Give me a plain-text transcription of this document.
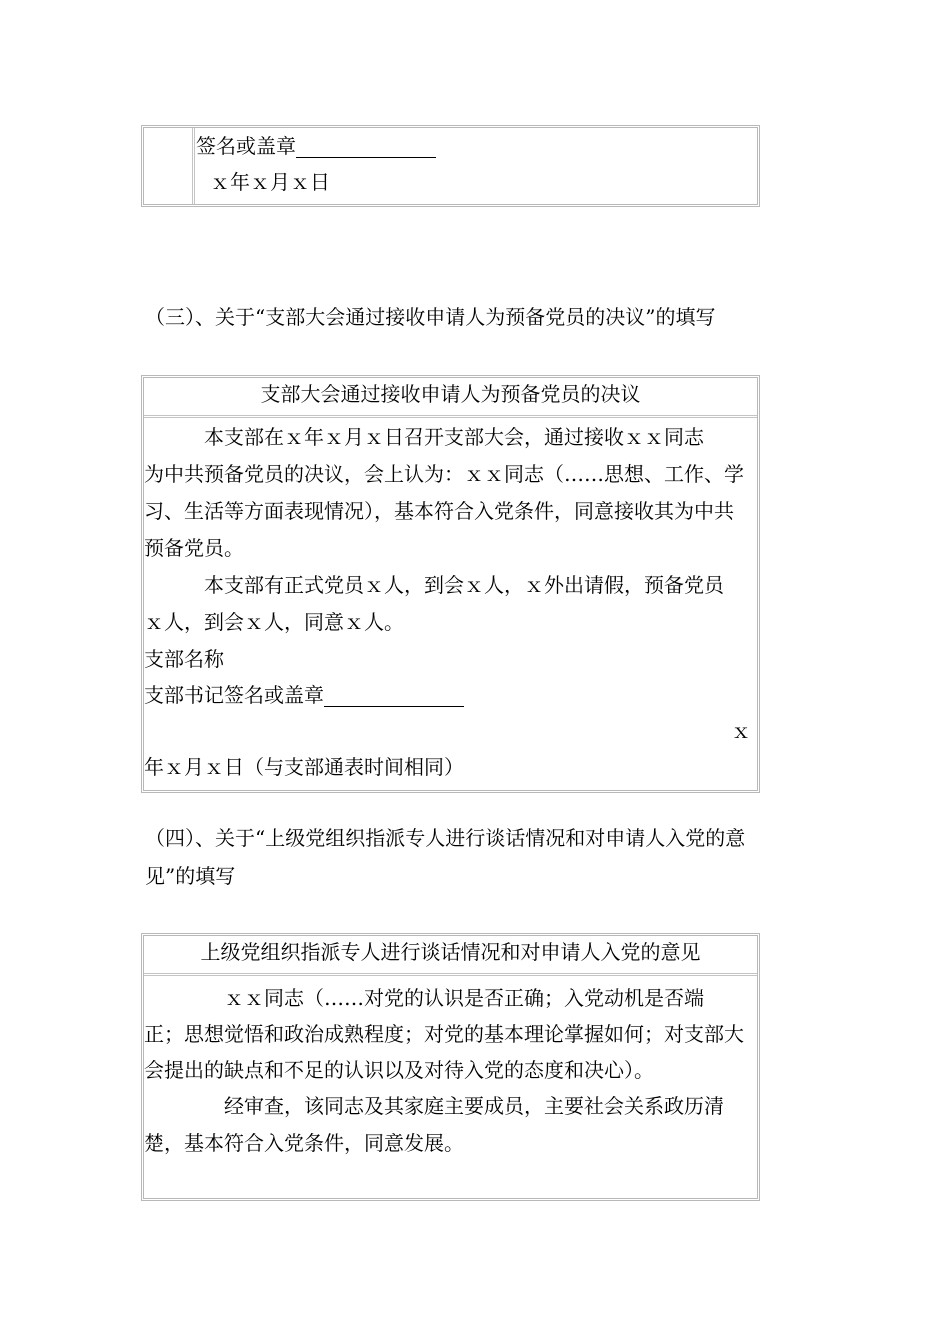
签名或盖章
ｘ年ｘ月ｘ日
（三）、关于“支部大会通过接收申请人为预备党员的决议”的填写
支部大会通过接收申请人为预备党员的决议
　　　本支部在ｘ年ｘ月ｘ日召开支部大会，通过接收ｘｘ同志
为中共预备党员的决议，会上认为：ｘｘ同志（……思想、工作、学
习、生活等方面表现情况），基本符合入党条件，同意接收其为中共
预备党员。
　　　本支部有正式党员ｘ人，到会ｘ人，ｘ外出请假，预备党员
ｘ人，到会ｘ人，同意ｘ人。
支部名称
支部书记签名或盖章
ｘ
年ｘ月ｘ日（与支部通表时间相同）
（四）、关于“上级党组织指派专人进行谈话情况和对申请人入党的意
见”的填写
上级党组织指派专人进行谈话情况和对申请人入党的意见
　　　　ｘｘ同志（……对党的认识是否正确；入党动机是否端
正；思想觉悟和政治成熟程度；对党的基本理论掌握如何；对支部大
会提出的缺点和不足的认识以及对待入党的态度和决心）。
　　　　经审查，该同志及其家庭主要成员，主要社会关系政历清
楚，基本符合入党条件，同意发展。
